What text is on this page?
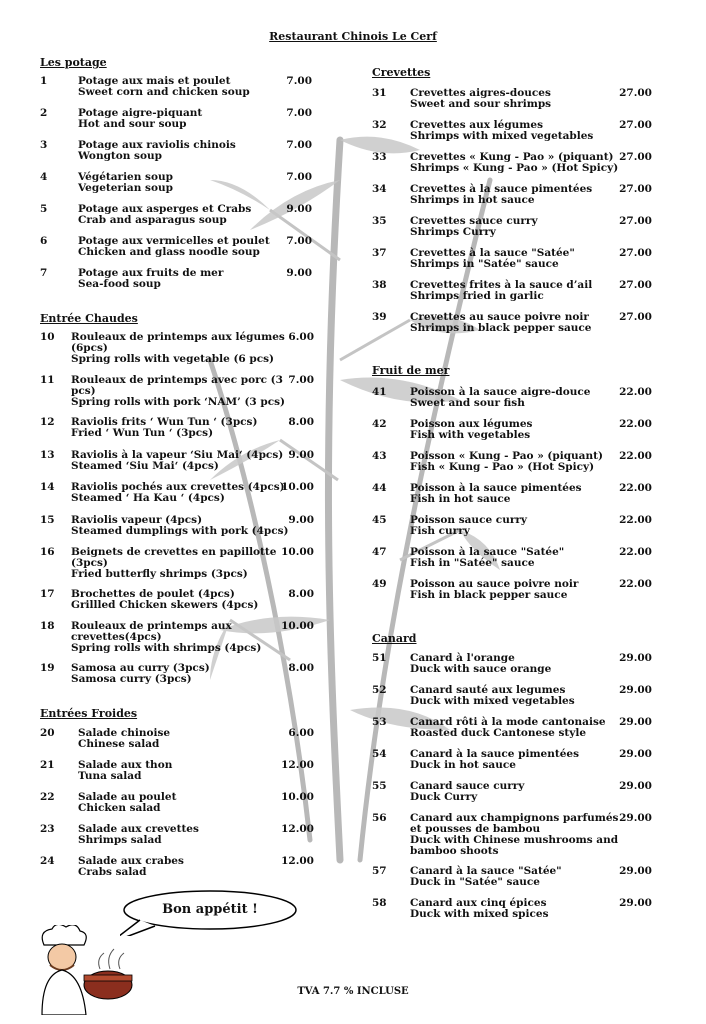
Restaurant Chinois Le Cerf
Les potage
1	Potage aux mais et poulet
Sweet corn and chicken soup
7.00
2	Potage aigre-piquant
Hot and sour soup
7.00
3	Potage aux raviolis chinois
Wongton soup
7.00
4	Végétarien soup
Vegeterian soup
7.00
5	Potage aux asperges et Crabs
Crab and asparagus soup
9.00
6	Potage aux vermicelles et poulet
Chicken and glass noodle soup
7.00
7	Potage aux fruits de mer
Sea-food soup
9.00
Entrée Chaudes
10 Rouleaux de printemps aux légumes
(6pcs)
Spring rolls with vegetable (6 pcs)
6.00
11 Rouleaux de printemps avec porc (3
pcs)
Spring rolls with pork ‘NAM’ (3 pcs)
7.00
12 Raviolis frits ‘ Wun Tun ‘ (3pcs)
Fried ‘ Wun Tun ‘ (3pcs)
8.00
13 Raviolis à la vapeur ‘Siu Mai‘ (4pcs)
Steamed ‘Siu Mai‘ (4pcs)
9.00
14 Raviolis pochés aux crevettes (4pcs)
Steamed ‘ Ha Kau ‘ (4pcs)
10.00
15 Raviolis vapeur (4pcs)
Steamed dumplings with pork (4pcs)
9.00
16 Beignets de crevettes en papillotte
(3pcs)
Fried butterfly shrimps (3pcs)
10.00
17 Brochettes de poulet (4pcs)
Grillled Chicken skewers (4pcs)
8.00
18 Rouleaux de printemps aux
crevettes(4pcs)
Spring rolls with shrimps (4pcs)
10.00
19 Samosa au curry (3pcs)
Samosa curry (3pcs)
8.00
Entrées Froides
20 Salade chinoise
Chinese salad
6.00
21 Salade aux thon
Tuna salad
12.00
22 Salade au poulet
Chicken salad
10.00
23 Salade aux crevettes
Shrimps salad
12.00
24 Salade aux crabes
Crabs salad
12.00
Crevettes
31 Crevettes aigres-douces
Sweet and sour shrimps
27.00
32 Crevettes aux légumes
Shrimps with mixed vegetables
27.00
33 Crevettes « Kung - Pao » (piquant)
Shrimps « Kung - Pao » (Hot Spicy)
27.00
34 Crevettes à la sauce pimentées
Shrimps in hot sauce
27.00
35 Crevettes sauce curry
Shrimps Curry
27.00
37 Crevettes à la sauce "Satée"
Shrimps in "Satée" sauce
27.00
38 Crevettes frites à la sauce d’ail
Shrimps fried in garlic
27.00
39 Crevettes au sauce poivre noir
Shrimps in black pepper sauce
27.00
Fruit de mer
41 Poisson à la sauce aigre-douce
Sweet and sour fish
22.00
42 Poisson aux légumes
Fish with vegetables
22.00
43 Poisson « Kung - Pao » (piquant)
Fish « Kung - Pao » (Hot Spicy)
22.00
44 Poisson à la sauce pimentées
Fish in hot sauce
22.00
45 Poisson sauce curry
Fish curry
22.00
47 Poisson à la sauce "Satée"
Fish in "Satée" sauce
22.00
49 Poisson au sauce poivre noir
Fish in black pepper sauce
22.00
Canard
51 Canard à l'orange
Duck with sauce orange
29.00
52 Canard sauté aux legumes
Duck with mixed vegetables
29.00
53 Canard rôti à la mode cantonaise
Roasted duck Cantonese style
29.00
54 Canard à la sauce pimentées
Duck in hot sauce
29.00
55 Canard sauce curry
Duck Curry
29.00
56 Canard aux champignons parfumés
et pousses de bambou
Duck with Chinese mushrooms and
bamboo shoots
29.00
57 Canard à la sauce "Satée"
Duck in "Satée" sauce
29.00
58 Canard aux cinq épices
Duck with mixed spices
29.00
Bon appétit !
TVA 7.7 % INCLUSE
